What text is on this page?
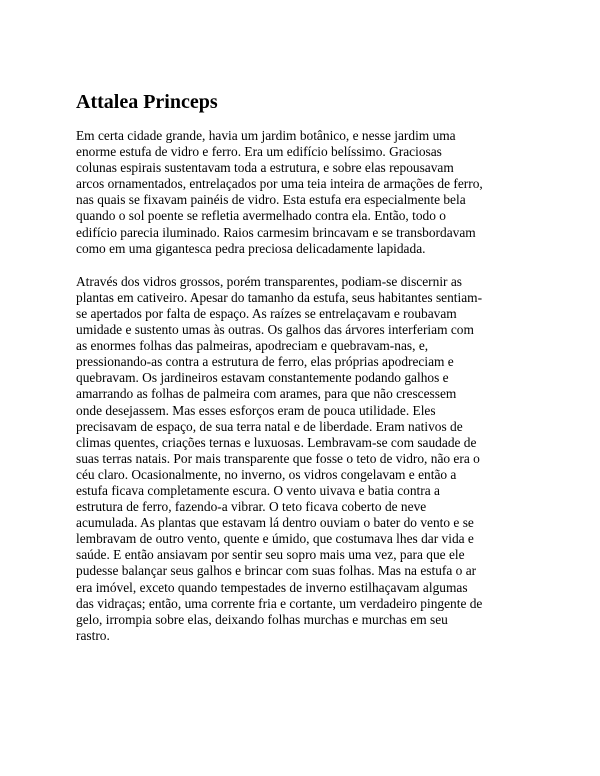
Attalea Princeps

Em certa cidade grande, havia um jardim botânico, e nesse jardim uma
enorme estufa de vidro e ferro. Era um edifício belíssimo. Graciosas
colunas espirais sustentavam toda a estrutura, e sobre elas repousavam
arcos ornamentados, entrelaçados por uma teia inteira de armações de ferro,
nas quais se fixavam painéis de vidro. Esta estufa era especialmente bela
quando o sol poente se refletia avermelhado contra ela. Então, todo o
edifício parecia iluminado. Raios carmesim brincavam e se transbordavam
como em uma gigantesca pedra preciosa delicadamente lapidada.

Através dos vidros grossos, porém transparentes, podiam-se discernir as
plantas em cativeiro. Apesar do tamanho da estufa, seus habitantes sentiam-
se apertados por falta de espaço. As raízes se entrelaçavam e roubavam
umidade e sustento umas às outras. Os galhos das árvores interferiam com
as enormes folhas das palmeiras, apodreciam e quebravam-nas, e,
pressionando-as contra a estrutura de ferro, elas próprias apodreciam e
quebravam. Os jardineiros estavam constantemente podando galhos e
amarrando as folhas de palmeira com arames, para que não crescessem
onde desejassem. Mas esses esforços eram de pouca utilidade. Eles
precisavam de espaço, de sua terra natal e de liberdade. Eram nativos de
climas quentes, criações ternas e luxuosas. Lembravam-se com saudade de
suas terras natais. Por mais transparente que fosse o teto de vidro, não era o
céu claro. Ocasionalmente, no inverno, os vidros congelavam e então a
estufa ficava completamente escura. O vento uivava e batia contra a
estrutura de ferro, fazendo-a vibrar. O teto ficava coberto de neve
acumulada. As plantas que estavam lá dentro ouviam o bater do vento e se
lembravam de outro vento, quente e úmido, que costumava lhes dar vida e
saúde. E então ansiavam por sentir seu sopro mais uma vez, para que ele
pudesse balançar seus galhos e brincar com suas folhas. Mas na estufa o ar
era imóvel, exceto quando tempestades de inverno estilhaçavam algumas
das vidraças; então, uma corrente fria e cortante, um verdadeiro pingente de
gelo, irrompia sobre elas, deixando folhas murchas e murchas em seu
rastro.
